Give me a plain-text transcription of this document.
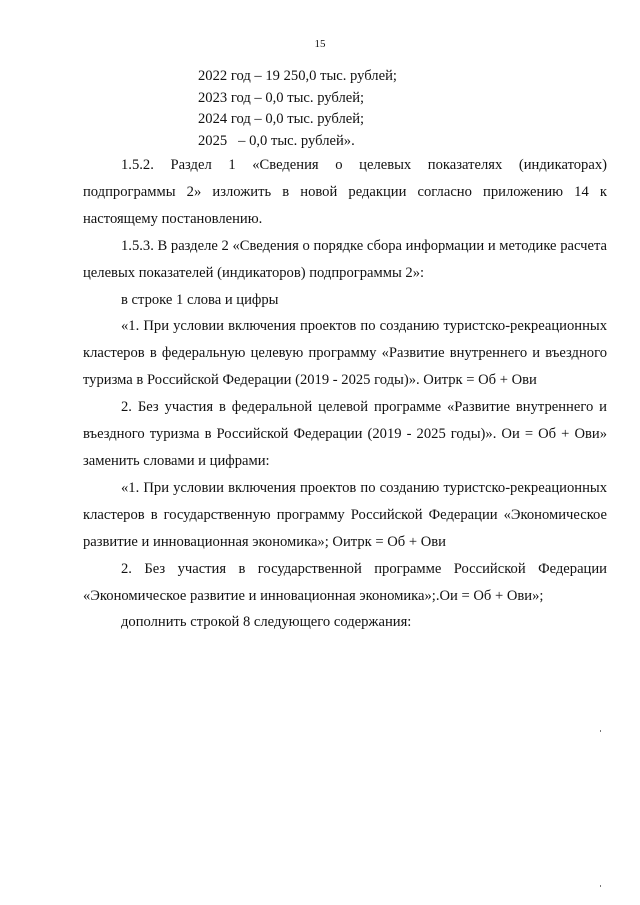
15
2022 год – 19 250,0 тыс. рублей;
2023 год – 0,0 тыс. рублей;
2024 год – 0,0 тыс. рублей;
2025   – 0,0 тыс. рублей».

1.5.2. Раздел 1 «Сведения о целевых показателях (индикаторах) подпрограммы 2» изложить в новой редакции согласно приложению 14 к настоящему постановлению.

1.5.3. В разделе 2 «Сведения о порядке сбора информации и методике расчета целевых показателей (индикаторов) подпрограммы 2»:

в строке 1 слова и цифры

«1. При условии включения проектов по созданию туристско-рекреационных кластеров в федеральную целевую программу «Развитие внутреннего и въездного туризма в Российской Федерации (2019 - 2025 годы)». Оитрк = Об + Ови

2. Без участия в федеральной целевой программе «Развитие внутреннего и въездного туризма в Российской Федерации (2019 - 2025 годы)». Ои = Об + Ови» заменить словами и цифрами:

«1. При условии включения проектов по созданию туристско-рекреационных кластеров в государственную программу Российской Федерации «Экономическое развитие и инновационная экономика»; Оитрк = Об + Ови

2. Без участия в государственной программе Российской Федерации «Экономическое развитие и инновационная экономика»;.Ои = Об + Ови»;

дополнить строкой 8 следующего содержания:
